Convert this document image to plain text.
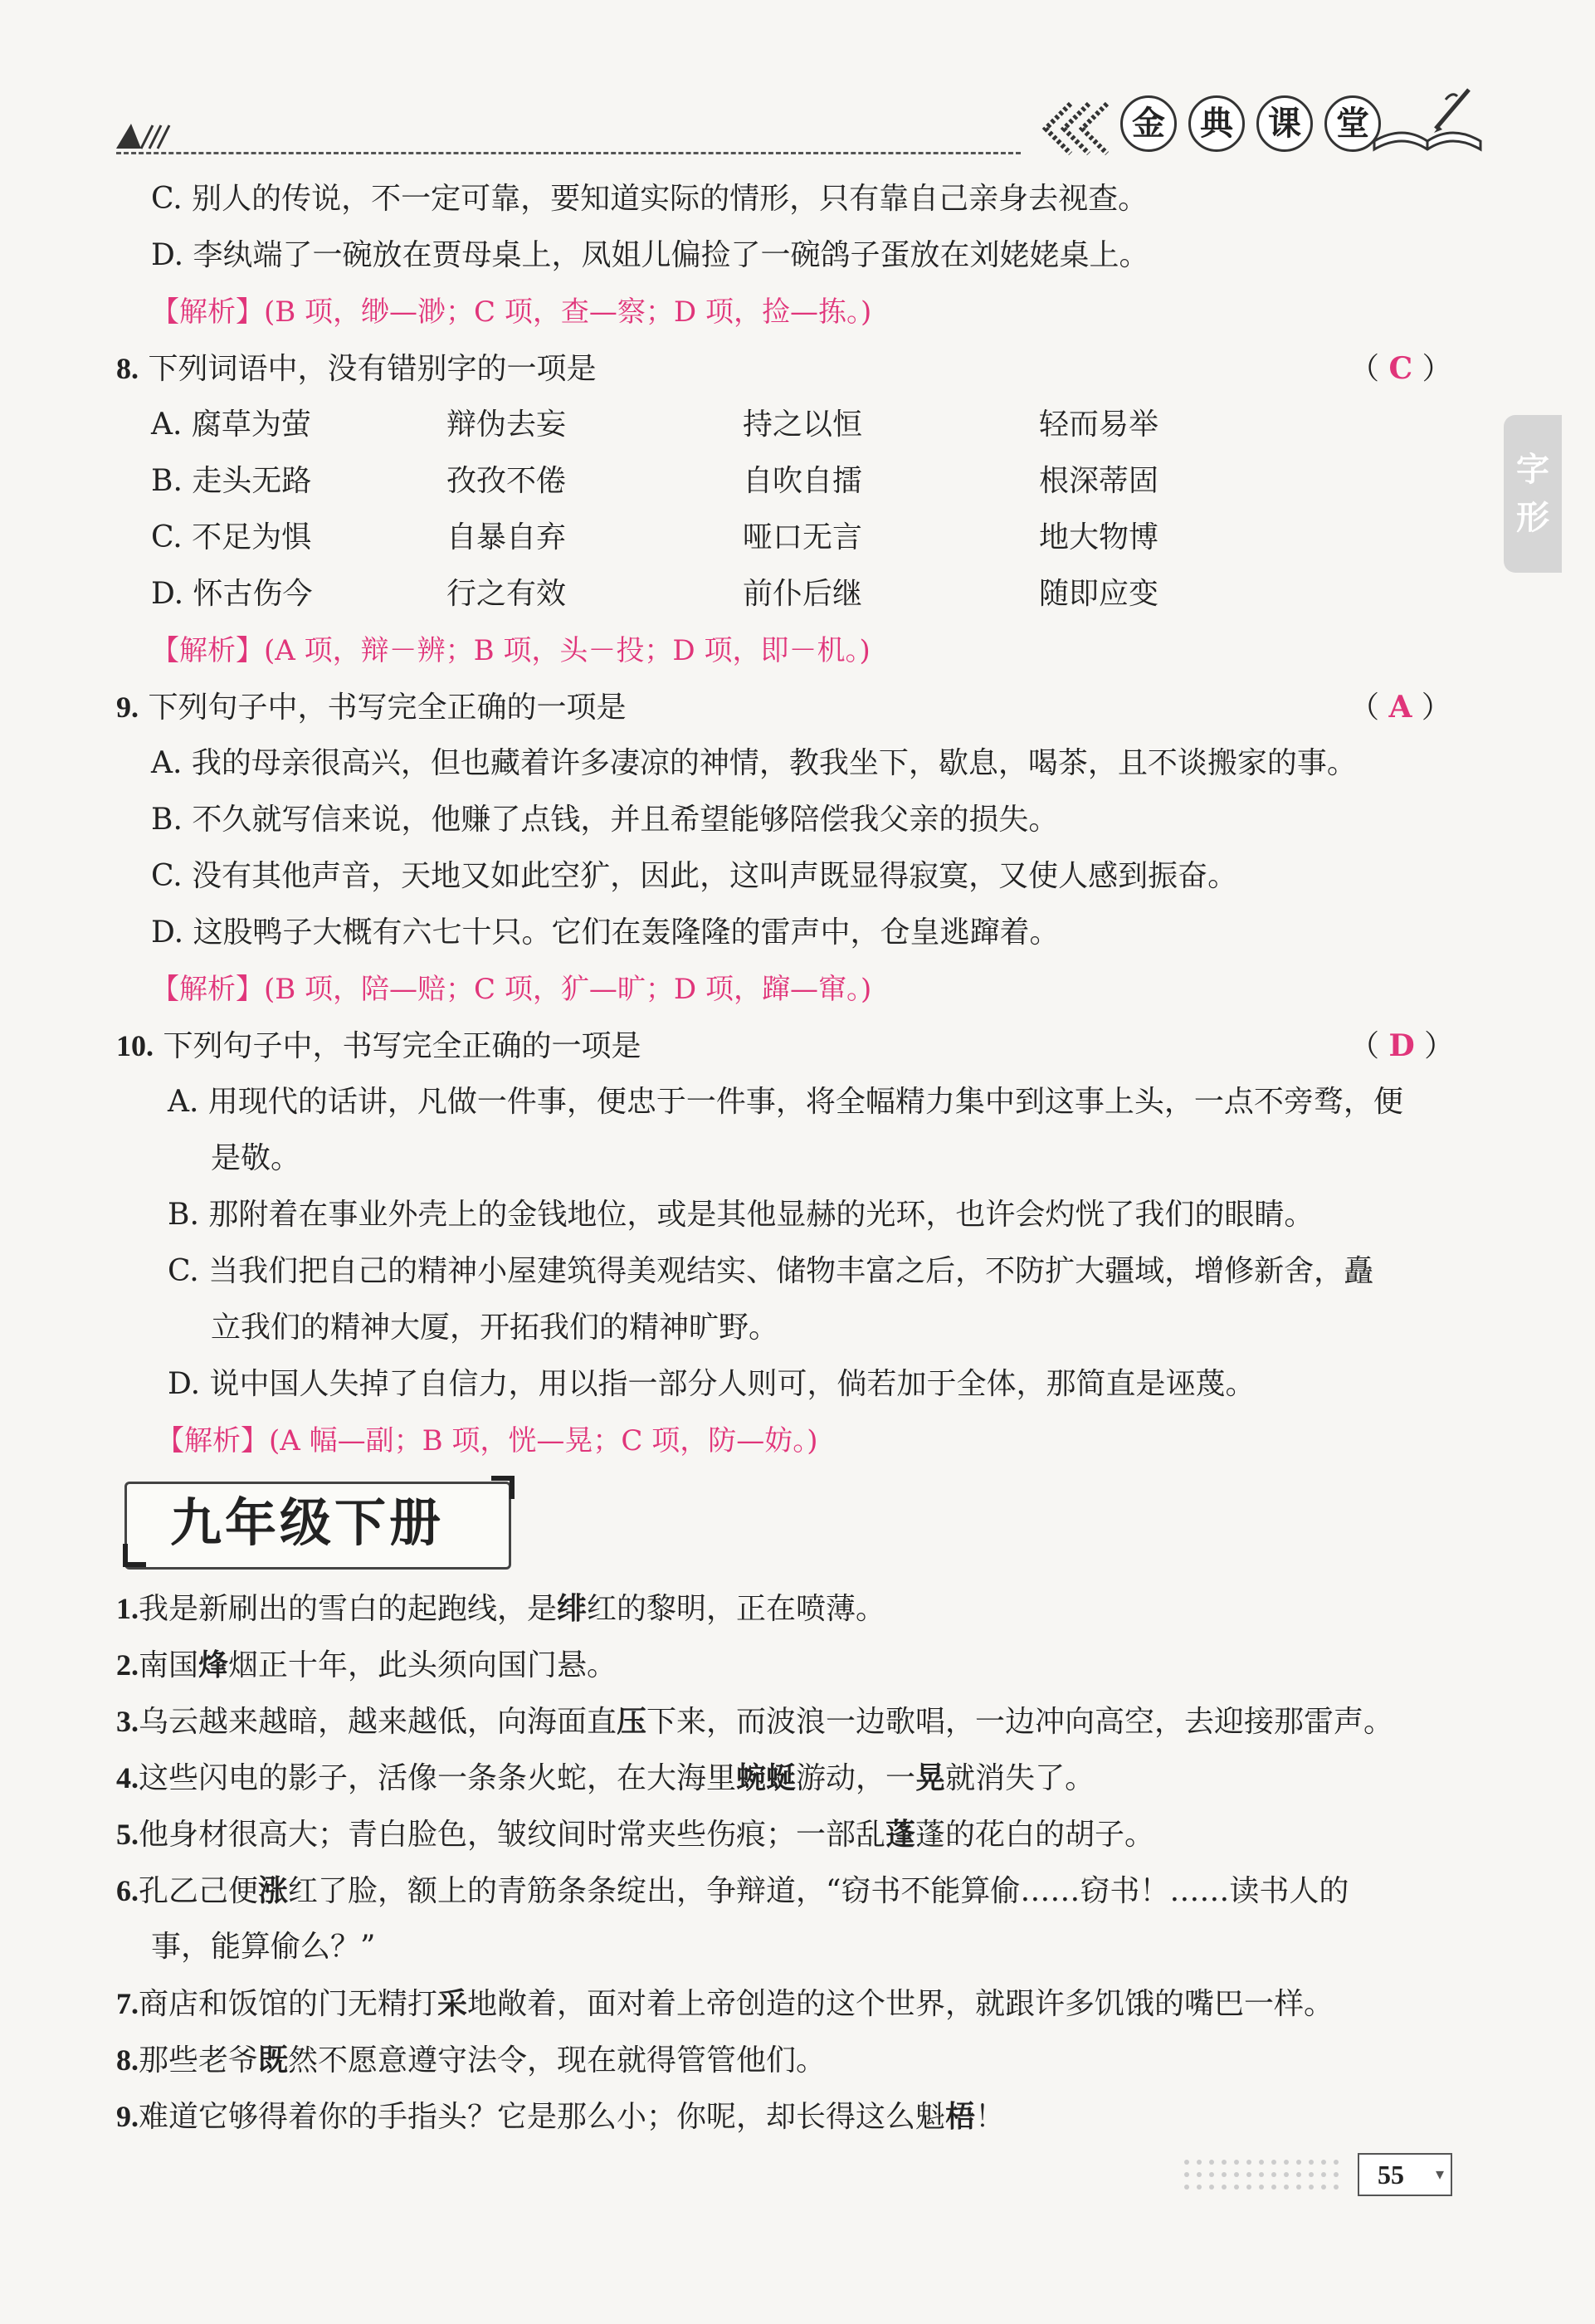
金	典	课	堂
字
形
C. 别人的传说，不一定可靠，要知道实际的情形，只有靠自己亲身去视查。
D. 李纨端了一碗放在贾母桌上，凤姐儿偏捡了一碗鸽子蛋放在刘姥姥桌上。
【解析】(B 项，缈—渺；C 项，查—察；D 项，捡—拣。)
8. 下列词语中，没有错别字的一项是	（ C ）
A. 腐草为萤	辩伪去妄	持之以恒	轻而易举
B. 走头无路	孜孜不倦	自吹自擂	根深蒂固
C. 不足为惧	自暴自弃	哑口无言	地大物博
D. 怀古伤今	行之有效	前仆后继	随即应变
【解析】(A 项，辩－辨；B 项，头－投；D 项，即－机。)
9. 下列句子中，书写完全正确的一项是	（ A ）
A. 我的母亲很高兴，但也藏着许多凄凉的神情，教我坐下，歇息，喝茶，且不谈搬家的事。
B. 不久就写信来说，他赚了点钱，并且希望能够陪偿我父亲的损失。
C. 没有其他声音，天地又如此空犷，因此，这叫声既显得寂寞，又使人感到振奋。
D. 这股鸭子大概有六七十只。它们在轰隆隆的雷声中，仓皇逃蹿着。
【解析】(B 项，陪—赔；C 项，犷—旷；D 项，蹿—窜。)
10. 下列句子中，书写完全正确的一项是	（ D ）
A. 用现代的话讲，凡做一件事，便忠于一件事，将全幅精力集中到这事上头，一点不旁骛，便
是敬。
B. 那附着在事业外壳上的金钱地位，或是其他显赫的光环，也许会灼恍了我们的眼睛。
C. 当我们把自己的精神小屋建筑得美观结实、储物丰富之后，不防扩大疆域，增修新舍，矗
立我们的精神大厦，开拓我们的精神旷野。
D. 说中国人失掉了自信力，用以指一部分人则可，倘若加于全体，那简直是诬蔑。
【解析】(A 幅—副；B 项，恍—晃；C 项，防—妨。)
九年级下册
1.我是新刷出的雪白的起跑线，是绯红的黎明，正在喷薄。
2.南国烽烟正十年，此头须向国门悬。
3.乌云越来越暗，越来越低，向海面直压下来，而波浪一边歌唱，一边冲向高空，去迎接那雷声。
4.这些闪电的影子，活像一条条火蛇，在大海里蜿蜒游动，一晃就消失了。
5.他身材很高大；青白脸色，皱纹间时常夹些伤痕；一部乱蓬蓬的花白的胡子。
6.孔乙己便涨红了脸，额上的青筋条条绽出，争辩道，“窃书不能算偷……窃书！……读书人的
事，能算偷么？”
7.商店和饭馆的门无精打采地敞着，面对着上帝创造的这个世界，就跟许多饥饿的嘴巴一样。
8.那些老爷既然不愿意遵守法令，现在就得管管他们。
9.难道它够得着你的手指头？它是那么小；你呢，却长得这么魁梧！
55	▾
